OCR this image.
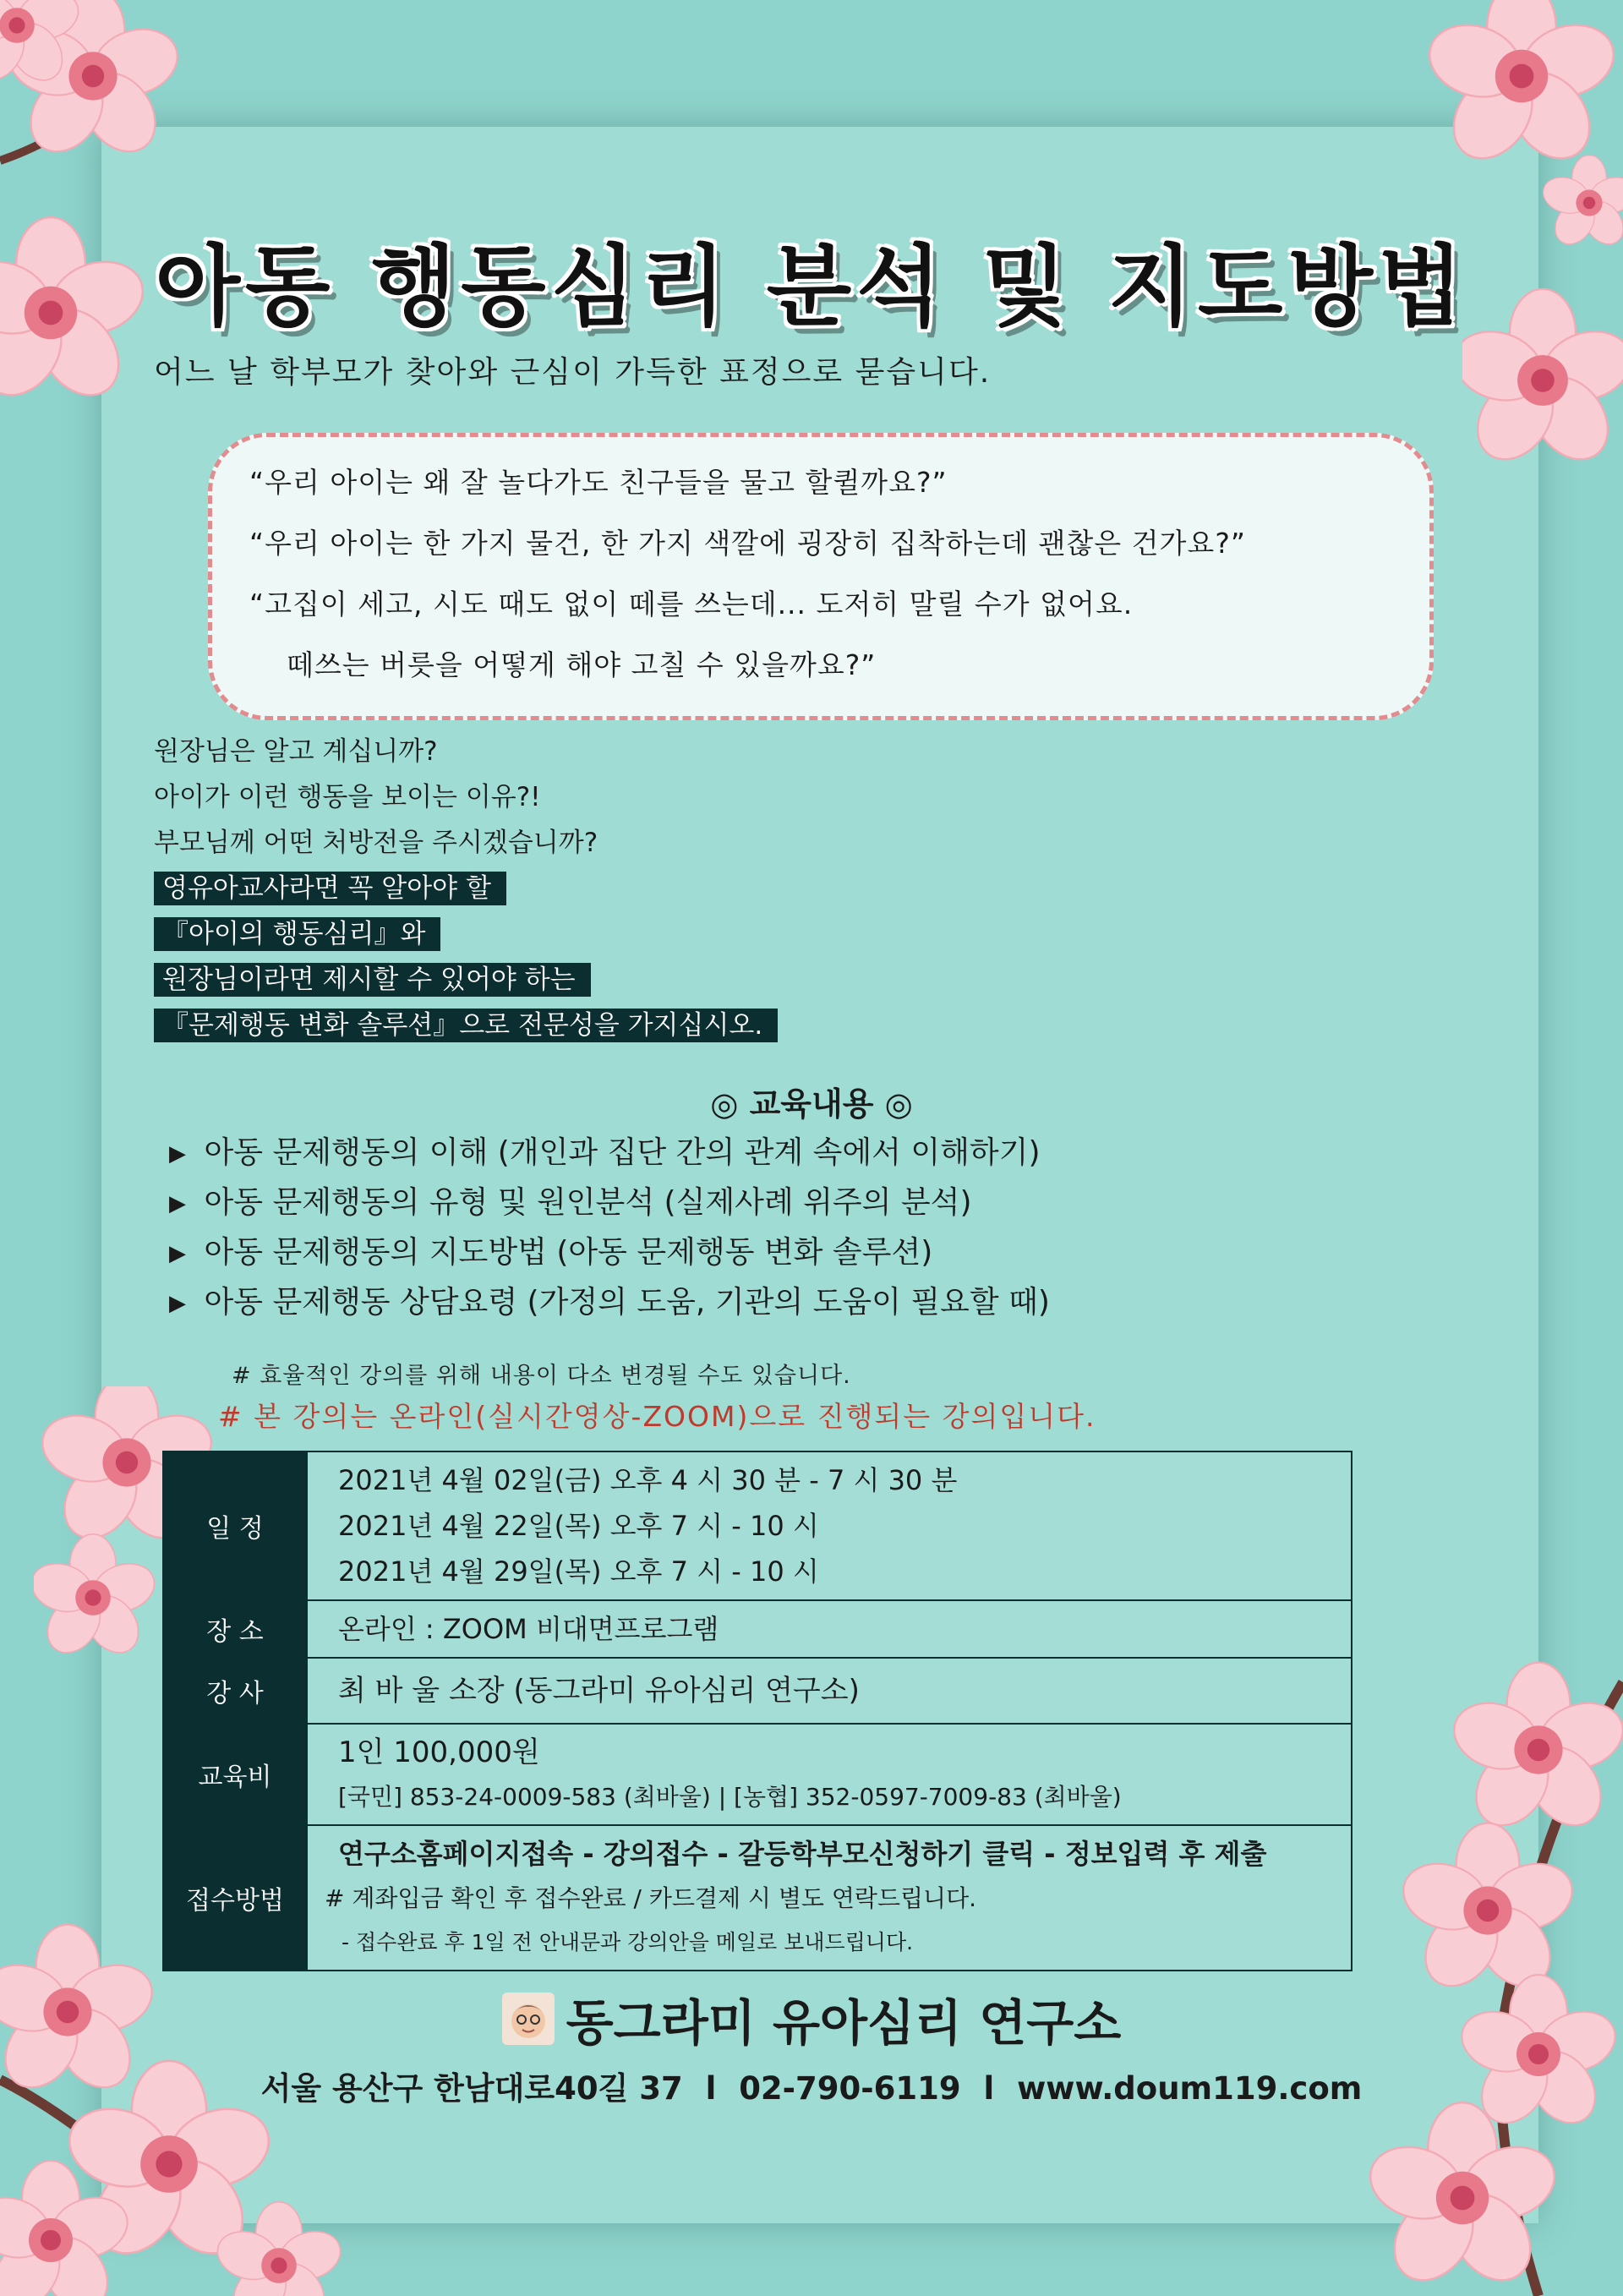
아동 행동심리 분석 및 지도방법
어느 날 학부모가 찾아와 근심이 가득한 표정으로 묻습니다.

“우리 아이는 왜 잘 놀다가도 친구들을 물고 할퀼까요?”

“우리 아이는 한 가지 물건, 한 가지 색깔에 굉장히 집착하는데 괜찮은 건가요?”

“고집이 세고, 시도 때도 없이 떼를 쓰는데... 도저히 말릴 수가 없어요.

떼쓰는 버릇을 어떻게 해야 고칠 수 있을까요?”

원장님은 알고 계십니까?

아이가 이런 행동을 보이는 이유?!

부모님께 어떤 처방전을 주시겠습니까?

영유아교사라면 꼭 알아야 할

『아이의 행동심리』와

원장님이라면 제시할 수 있어야 하는

『문제행동 변화 솔루션』으로 전문성을 가지십시오.

◎ 교육내용 ◎

▶ 아동 문제행동의 이해 (개인과 집단 간의 관계 속에서 이해하기)

▶ 아동 문제행동의 유형 및 원인분석 (실제사례 위주의 분석)

▶ 아동 문제행동의 지도방법 (아동 문제행동 변화 솔루션)

▶ 아동 문제행동 상담요령 (가정의 도움, 기관의 도움이 필요할 때)

# 효율적인 강의를 위해 내용이 다소 변경될 수도 있습니다.
# 본 강의는 온라인(실시간영상-ZOOM)으로 진행되는 강의입니다.
일 정	2021년 4월 02일(금) 오후 4 시 30 분 - 7 시 30 분
2021년 4월 22일(목) 오후 7 시 - 10 시
2021년 4월 29일(목) 오후 7 시 - 10 시

장 소	온라인 : ZOOM 비대면프로그램

강 사	최 바 울 소장 (동그라미 유아심리 연구소)

교육비	1인 100,000원
[국민] 853-24-0009-583 (최바울) | [농협] 352-0597-7009-83 (최바울)

접수방법	연구소홈페이지접속 - 강의접수 - 갈등학부모신청하기 클릭 - 정보입력 후 제출
# 계좌입금 확인 후 접수완료 / 카드결제 시 별도 연락드립니다.
- 접수완료 후 1일 전 안내문과 강의안을 메일로 보내드립니다.
동그라미 유아심리 연구소
서울 용산구 한남대로40길 37 l 02-790-6119 l www.doum119.com
